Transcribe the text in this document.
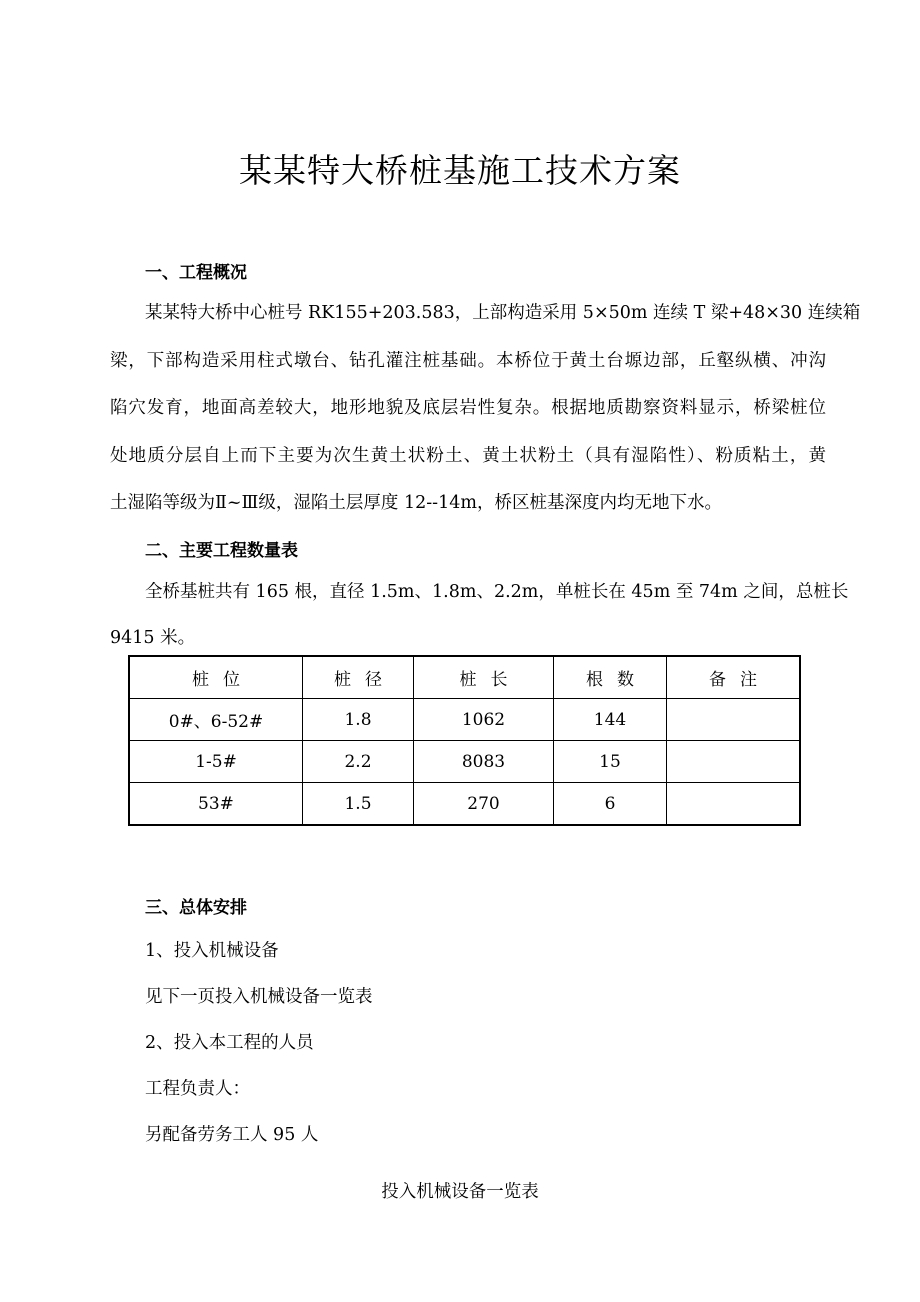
某某特大桥桩基施工技术方案
一、工程概况
某某特大桥中心桩号 RK155+203.583，上部构造采用 5×50m 连续 T 梁+48×30 连续箱
梁，下部构造采用柱式墩台、钻孔灌注桩基础。本桥位于黄土台塬边部，丘壑纵横、冲沟
陷穴发育，地面高差较大，地形地貌及底层岩性复杂。根据地质勘察资料显示，桥梁桩位
处地质分层自上而下主要为次生黄土状粉土、黄土状粉土（具有湿陷性）、粉质粘土，黄
土湿陷等级为Ⅱ~Ⅲ级，湿陷土层厚度 12--14m，桥区桩基深度内均无地下水。
二、主要工程数量表
全桥基桩共有 165 根，直径 1.5m、1.8m、2.2m，单桩长在 45m 至 74m 之间，总桩长
9415 米。
桩位	桩径	桩长	根数	备注
0#、6-52#	1.8	1062	144	
1-5#	2.2	8083	15	
53#	1.5	270	6	
三、总体安排

1、投入机械设备

见下一页投入机械设备一览表

2、投入本工程的人员

工程负责人：

另配备劳务工人 95 人

投入机械设备一览表
